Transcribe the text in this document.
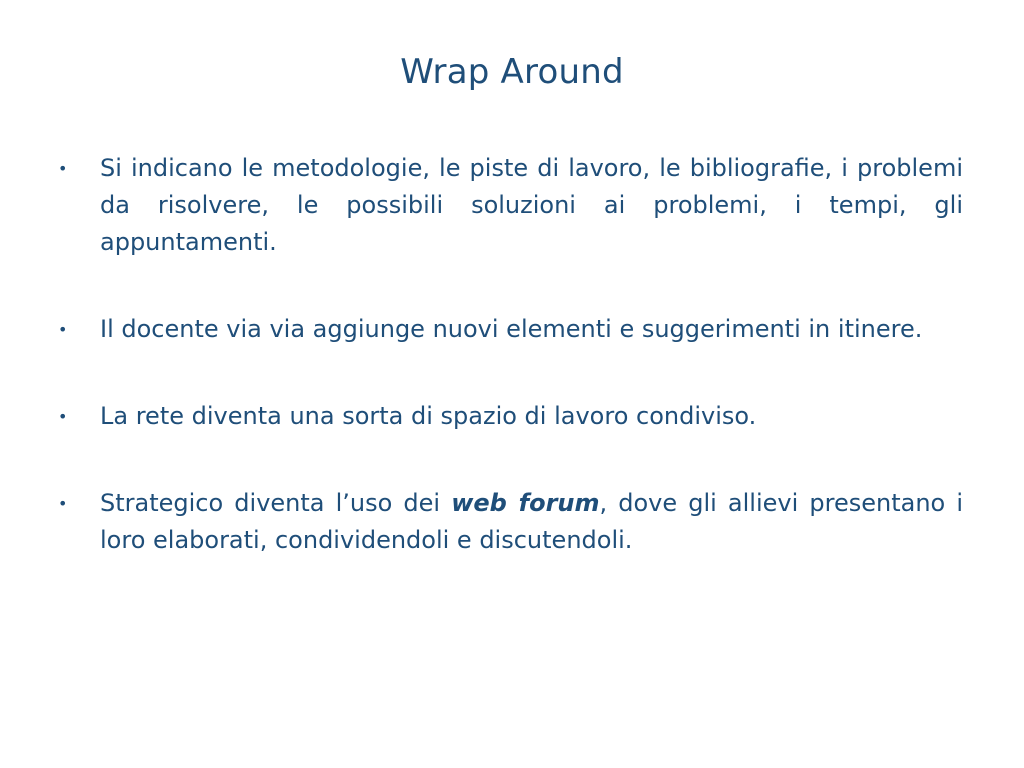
Wrap Around
• Si indicano le metodologie, le piste di lavoro, le bibliografie, i problemi da risolvere, le possibili soluzioni ai problemi, i tempi, gli appuntamenti.
• Il docente via via aggiunge nuovi elementi e suggerimenti in itinere.
• La rete diventa una sorta di spazio di lavoro condiviso.
• Strategico diventa l’uso dei web forum, dove gli allievi presentano i loro elaborati, condividendoli e discutendoli.
